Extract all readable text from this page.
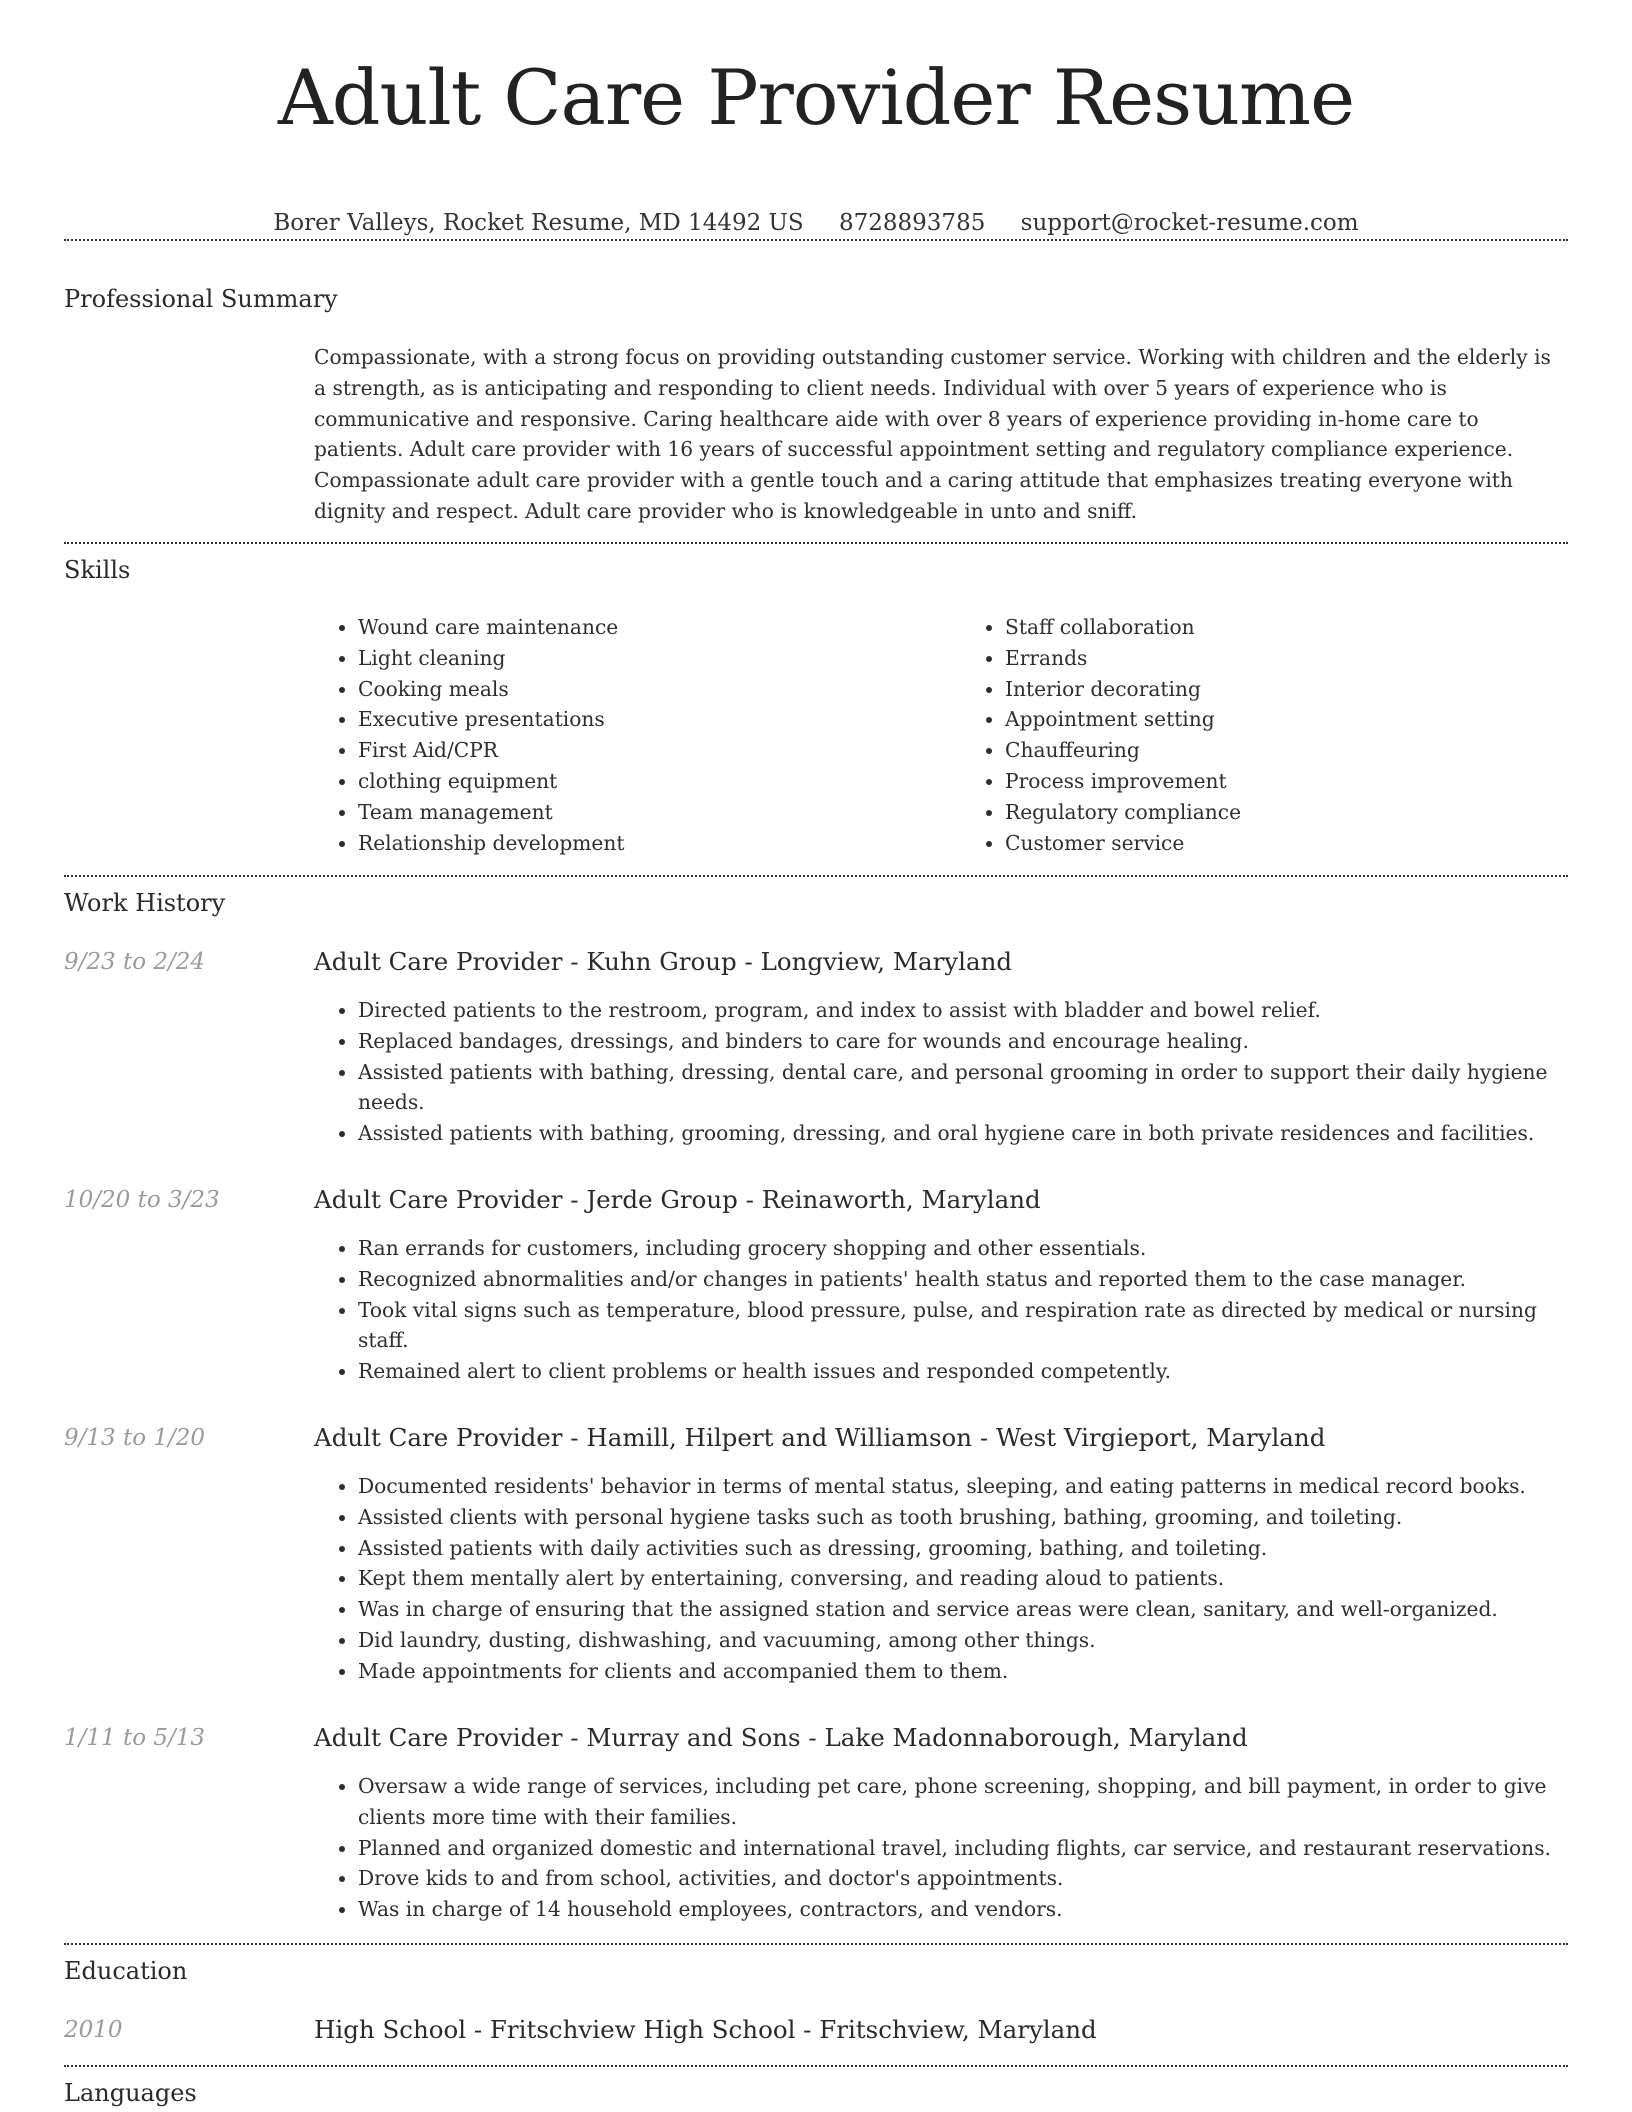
Adult Care Provider Resume
Borer Valleys, Rocket Resume, MD 14492 US 8728893785 support@rocket-resume.com
Professional Summary

Compassionate, with a strong focus on providing outstanding customer service. Working with children and the elderly is a strength, as is anticipating and responding to client needs. Individual with over 5 years of experience who is communicative and responsive. Caring healthcare aide with over 8 years of experience providing in-home care to patients. Adult care provider with 16 years of successful appointment setting and regulatory compliance experience. Compassionate adult care provider with a gentle touch and a caring attitude that emphasizes treating everyone with dignity and respect. Adult care provider who is knowledgeable in unto and sniff.

Skills
• Wound care maintenance
• Light cleaning
• Cooking meals
• Executive presentations
• First Aid/CPR
• clothing equipment
• Team management
• Relationship development
• Staff collaboration
• Errands
• Interior decorating
• Appointment setting
• Chauffeuring
• Process improvement
• Regulatory compliance
• Customer service
Work History
9/23 to 2/24	Adult Care Provider - Kuhn Group - Longview, Maryland
• Directed patients to the restroom, program, and index to assist with bladder and bowel relief.
• Replaced bandages, dressings, and binders to care for wounds and encourage healing.
• Assisted patients with bathing, dressing, dental care, and personal grooming in order to support their daily hygiene needs.
• Assisted patients with bathing, grooming, dressing, and oral hygiene care in both private residences and facilities.
10/20 to 3/23	Adult Care Provider - Jerde Group - Reinaworth, Maryland
• Ran errands for customers, including grocery shopping and other essentials.
• Recognized abnormalities and/or changes in patients' health status and reported them to the case manager.
• Took vital signs such as temperature, blood pressure, pulse, and respiration rate as directed by medical or nursing staff.
• Remained alert to client problems or health issues and responded competently.
9/13 to 1/20	Adult Care Provider - Hamill, Hilpert and Williamson - West Virgieport, Maryland
• Documented residents' behavior in terms of mental status, sleeping, and eating patterns in medical record books.
• Assisted clients with personal hygiene tasks such as tooth brushing, bathing, grooming, and toileting.
• Assisted patients with daily activities such as dressing, grooming, bathing, and toileting.
• Kept them mentally alert by entertaining, conversing, and reading aloud to patients.
• Was in charge of ensuring that the assigned station and service areas were clean, sanitary, and well-organized.
• Did laundry, dusting, dishwashing, and vacuuming, among other things.
• Made appointments for clients and accompanied them to them.
1/11 to 5/13	Adult Care Provider - Murray and Sons - Lake Madonnaborough, Maryland
• Oversaw a wide range of services, including pet care, phone screening, shopping, and bill payment, in order to give clients more time with their families.
• Planned and organized domestic and international travel, including flights, car service, and restaurant reservations.
• Drove kids to and from school, activities, and doctor's appointments.
• Was in charge of 14 household employees, contractors, and vendors.
Education
2010	High School - Fritschview High School - Fritschview, Maryland
Languages
